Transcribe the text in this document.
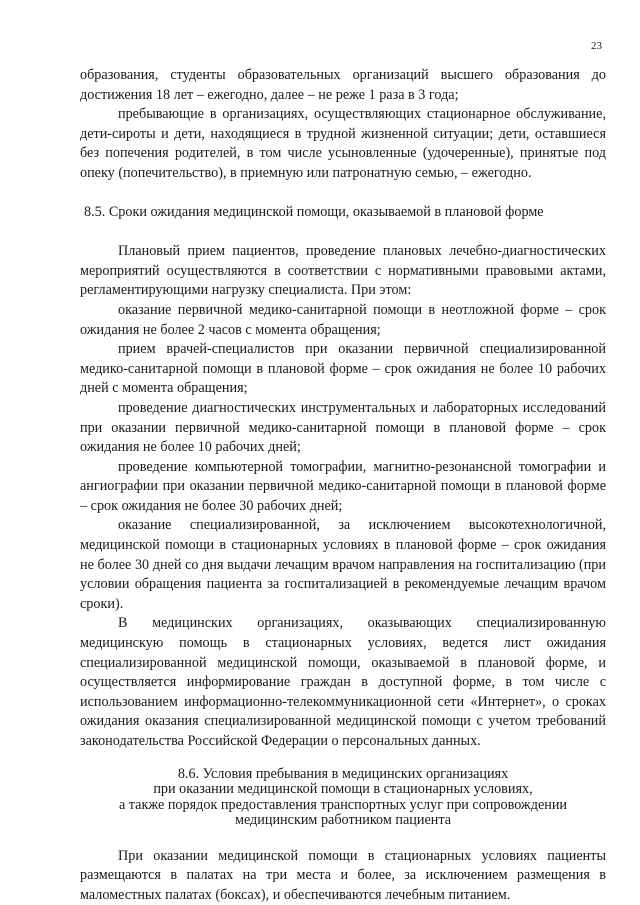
23

образования, студенты образовательных организаций высшего образования до достижения 18 лет – ежегодно, далее – не реже 1 раза в 3 года;

пребывающие в организациях, осуществляющих стационарное обслуживание, дети-сироты и дети, находящиеся в трудной жизненной ситуации; дети, оставшиеся без попечения родителей, в том числе усыновленные (удочеренные), принятые под опеку (попечительство), в приемную или патронатную семью, – ежегодно.

8.5. Сроки ожидания медицинской помощи, оказываемой в плановой форме

Плановый прием пациентов, проведение плановых лечебно-диагностических мероприятий осуществляются в соответствии с нормативными правовыми актами, регламентирующими нагрузку специалиста. При этом:

оказание первичной медико-санитарной помощи в неотложной форме – срок ожидания не более 2 часов с момента обращения;

прием врачей-специалистов при оказании первичной специализированной медико-санитарной помощи в плановой форме – срок ожидания не более 10 рабочих дней с момента обращения;

проведение диагностических инструментальных и лабораторных исследований при оказании первичной медико-санитарной помощи в плановой форме – срок ожидания не более 10 рабочих дней;

проведение компьютерной томографии, магнитно-резонансной томографии и ангиографии при оказании первичной медико-санитарной помощи в плановой форме – срок ожидания не более 30 рабочих дней;

оказание специализированной, за исключением высокотехнологичной, медицинской помощи в стационарных условиях в плановой форме – срок ожидания не более 30 дней со дня выдачи лечащим врачом направления на госпитализацию (при условии обращения пациента за госпитализацией в рекомендуемые лечащим врачом сроки).

В медицинских организациях, оказывающих специализированную медицинскую помощь в стационарных условиях, ведется лист ожидания специализированной медицинской помощи, оказываемой в плановой форме, и осуществляется информирование граждан в доступной форме, в том числе с использованием информационно-телекоммуникационной сети «Интернет», о сроках ожидания оказания специализированной медицинской помощи с учетом требований законодательства Российской Федерации о персональных данных.

8.6. Условия пребывания в медицинских организациях
при оказании медицинской помощи в стационарных условиях,
а также порядок предоставления транспортных услуг при сопровождении медицинским работником пациента

При оказании медицинской помощи в стационарных условиях пациенты размещаются в палатах на три места и более, за исключением размещения в маломестных палатах (боксах), и обеспечиваются лечебным питанием.
